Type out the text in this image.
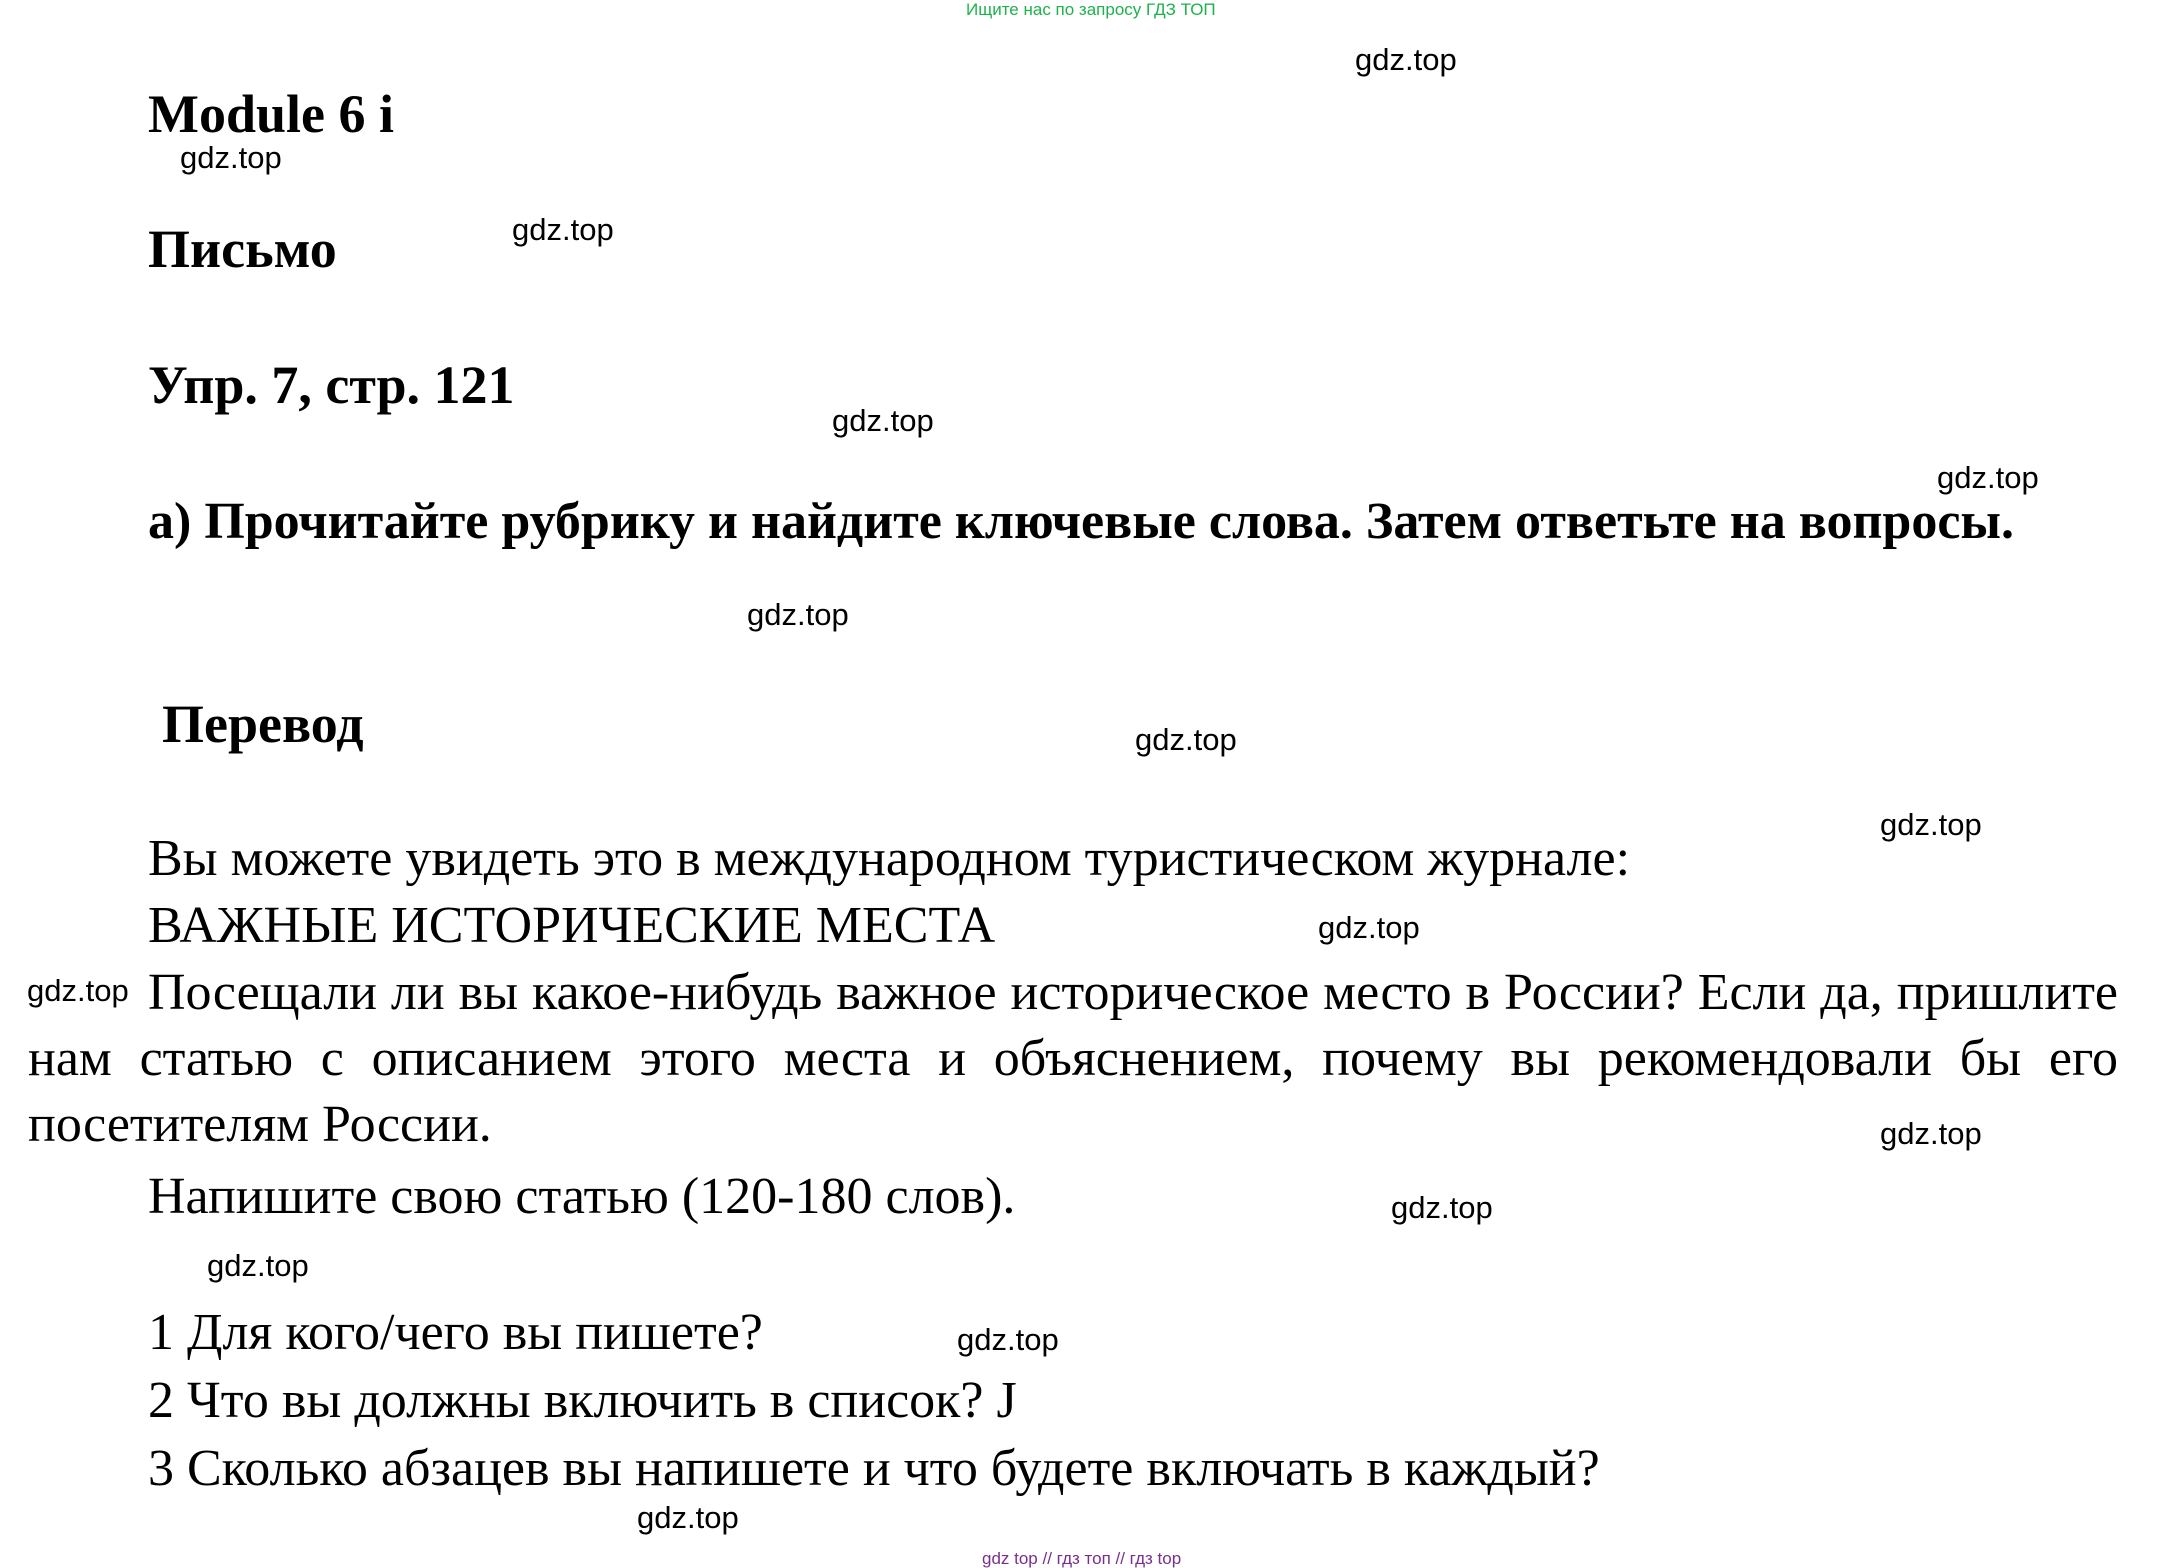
Ищите нас по запросу ГДЗ ТОП
Module 6 i
Письмо
Упр. 7, стр. 121
a) Прочитайте рубрику и найдите ключевые слова. Затем ответьте на вопросы.
Перевод
Вы можете увидеть это в международном туристическом журнале:
ВАЖНЫЕ ИСТОРИЧЕСКИЕ МЕСТА
Посещали ли вы какое-нибудь важное историческое место в России? Если да, пришлите нам статью с описанием этого места и объяснением, почему вы рекомендовали бы его посетителям России.
Напишите свою статью (120-180 слов).
1 Для кого/чего вы пишете?
2 Что вы должны включить в список? J
3 Сколько абзацев вы напишете и что будете включать в каждый?
gdz.top
gdz.top
gdz.top
gdz.top
gdz.top
gdz.top
gdz.top
gdz.top
gdz.top
gdz.top
gdz.top
gdz.top
gdz.top
gdz.top
gdz.top
gdz top // гдз топ // гдз top
